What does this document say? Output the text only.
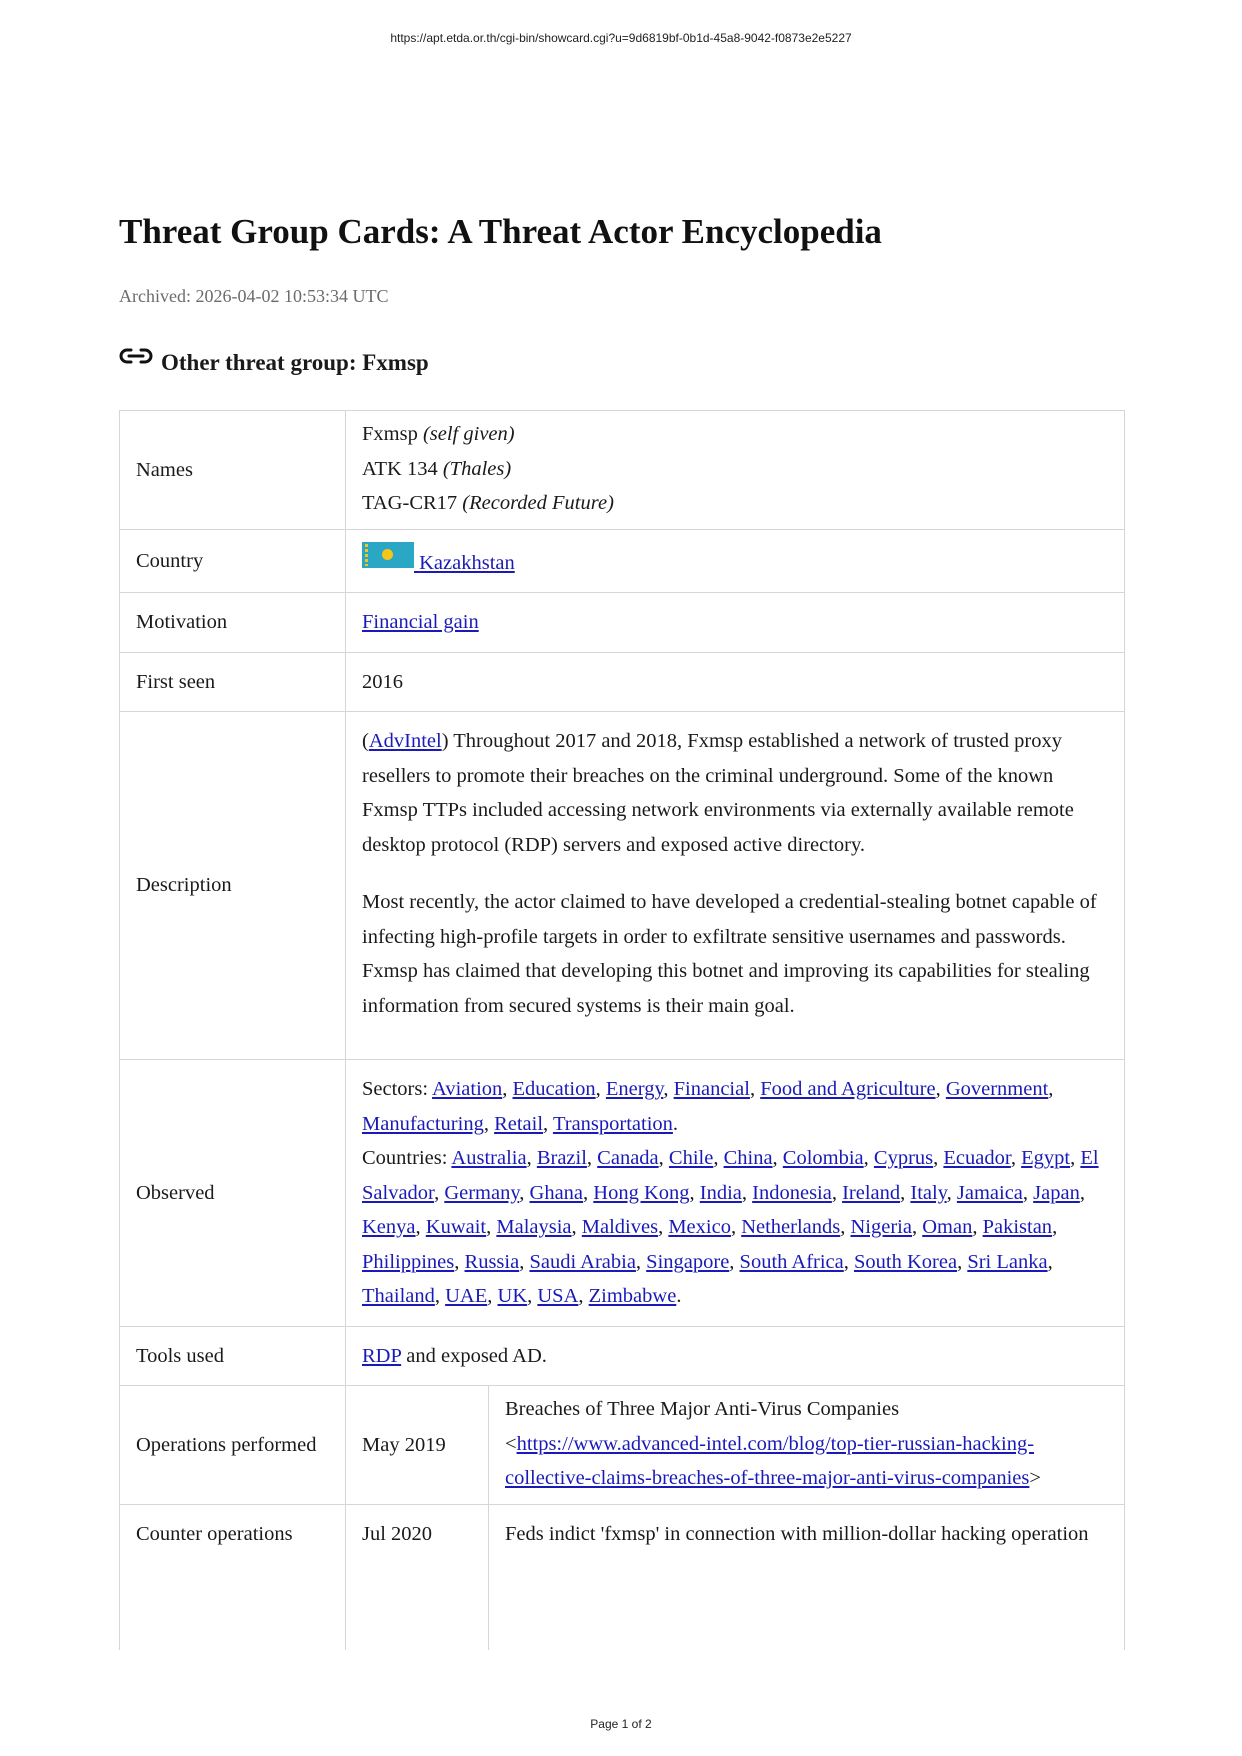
https://apt.etda.or.th/cgi-bin/showcard.cgi?u=9d6819bf-0b1d-45a8-9042-f0873e2e5227
Threat Group Cards: A Threat Actor Encyclopedia
Archived: 2026-04-02 10:53:34 UTC
Other threat group: Fxmsp
Names	Fxmsp (self given)
ATK 134 (Thales)
TAG-CR17 (Recorded Future)	

Country	Kazakhstan	
Motivation	Financial gain	
First seen	2016	
Description	(AdvIntel) Throughout 2017 and 2018, Fxmsp established a network of trusted proxy resellers to promote their breaches on the criminal underground. Some of the known Fxmsp TTPs included accessing network environments via externally available remote desktop protocol (RDP) servers and exposed active directory.

Most recently, the actor claimed to have developed a credential-stealing botnet capable of infecting high-profile targets in order to exfiltrate sensitive usernames and passwords. Fxmsp has claimed that developing this botnet and improving its capabilities for stealing information from secured systems is their main goal.	

Observed	Sectors: Aviation, Education, Energy, Financial, Food and Agriculture, Government, Manufacturing, Retail, Transportation.
Countries: Australia, Brazil, Canada, Chile, China, Colombia, Cyprus, Ecuador, Egypt, El Salvador, Germany, Ghana, Hong Kong, India, Indonesia, Ireland, Italy, Jamaica, Japan, Kenya, Kuwait, Malaysia, Maldives, Mexico, Netherlands, Nigeria, Oman, Pakistan, Philippines, Russia, Saudi Arabia, Singapore, South Africa, South Korea, Sri Lanka, Thailand, UAE, UK, USA, Zimbabwe.	

Tools used	RDP and exposed AD.	
Operations performed	May 2019	Breaches of Three Major Anti-Virus Companies
<https://www.advanced-intel.com/blog/top-tier-russian-hacking-collective-claims-breaches-of-three-major-anti-virus-companies>
Counter operations	Jul 2020	Feds indict 'fxmsp' in connection with million-dollar hacking operation
Page 1 of 2
